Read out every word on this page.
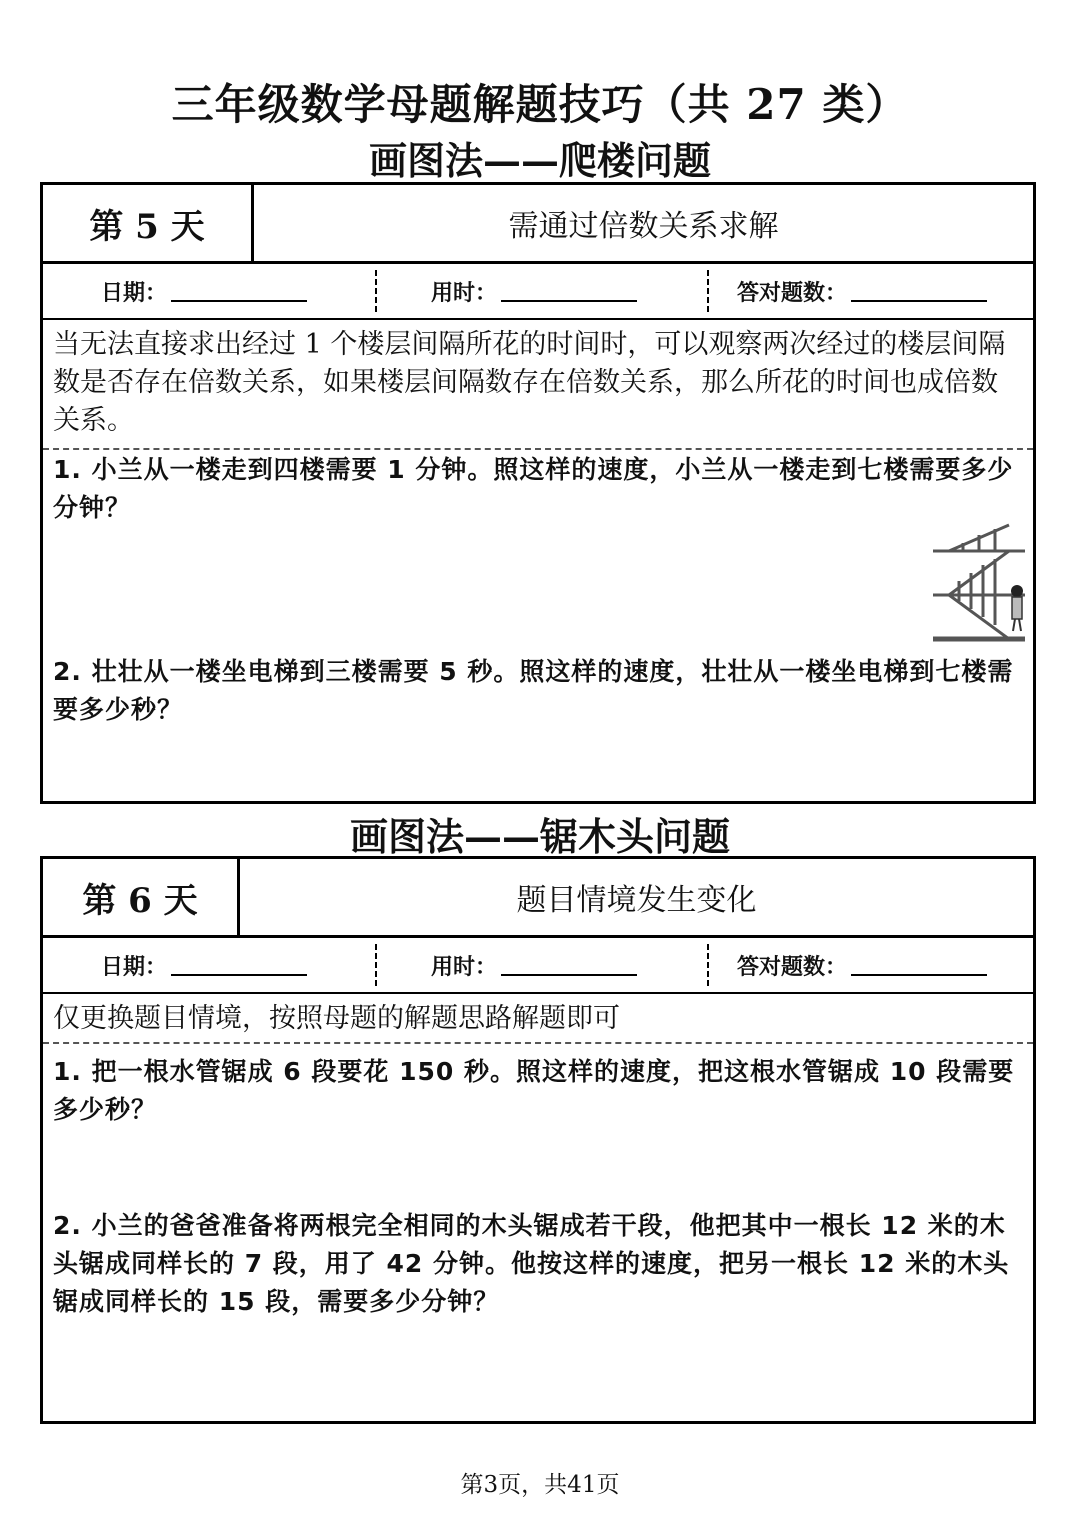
三年级数学母题解题技巧（共 27 类）
画图法——爬楼问题
第 5 天	需通过倍数关系求解
日期：	用时：	答对题数：
当无法直接求出经过 1 个楼层间隔所花的时间时，可以观察两次经过的楼层间隔数是否存在倍数关系，如果楼层间隔数存在倍数关系，那么所花的时间也成倍数关系。
1. 小兰从一楼走到四楼需要 1 分钟。照这样的速度，小兰从一楼走到七楼需要多少分钟？
2. 壮壮从一楼坐电梯到三楼需要 5 秒。照这样的速度，壮壮从一楼坐电梯到七楼需要多少秒？
画图法——锯木头问题
第 6 天	题目情境发生变化
日期：	用时：	答对题数：
仅更换题目情境，按照母题的解题思路解题即可
1. 把一根水管锯成 6 段要花 150 秒。照这样的速度，把这根水管锯成 10 段需要多少秒？
2. 小兰的爸爸准备将两根完全相同的木头锯成若干段，他把其中一根长 12 米的木头锯成同样长的 7 段，用了 42 分钟。他按这样的速度，把另一根长 12 米的木头锯成同样长的 15 段，需要多少分钟？
第3页，共41页
